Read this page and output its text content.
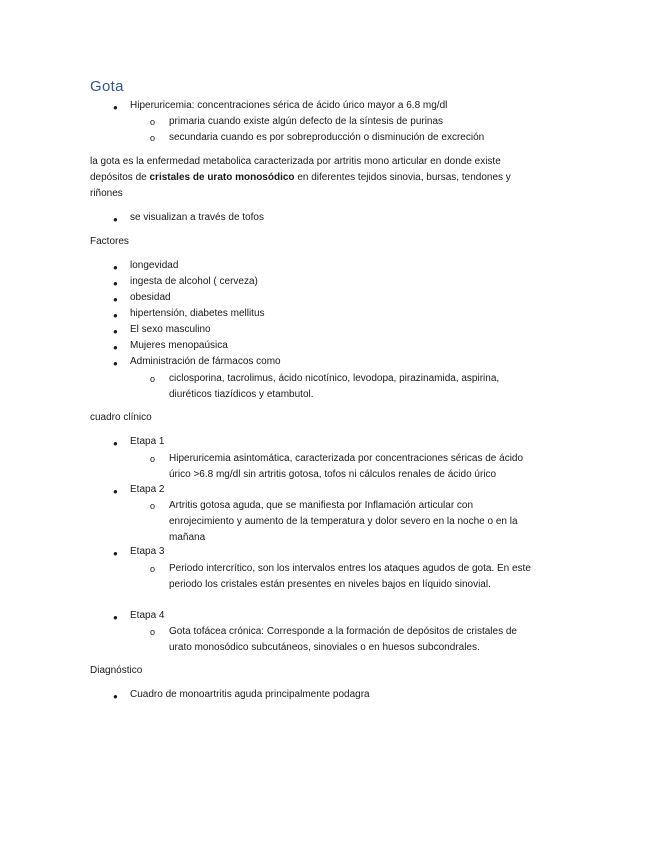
Gota
● Hiperuricemia: concentraciones sérica de ácido úrico mayor a 6.8 mg/dl
o primaria cuando existe algún defecto de la síntesis de purinas
o secundaria cuando es por sobreproducción o disminución de excreción
la gota es la enfermedad metabolica caracterizada por artritis mono articular en donde existe
depósitos de cristales de urato monosódico en diferentes tejidos sinovia, bursas, tendones y
riñones
● se visualizan a través de tofos
Factores
● longevidad
● ingesta de alcohol ( cerveza)
● obesidad
● hipertensión, diabetes mellitus
● El sexo masculino
● Mujeres menopaúsica
● Administración de fármacos como
o ciclosporina, tacrolimus, ácido nicotínico, levodopa, pirazinamida, aspirina,
diuréticos tiazídicos y etambutol.
cuadro clínico
● Etapa 1
o Hiperuricemia asintomática, caracterizada por concentraciones séricas de ácido
úrico >6.8 mg/dl sin artritis gotosa, tofos ni cálculos renales de ácido úrico
● Etapa 2
o Artritis gotosa aguda, que se manifiesta por Inflamación articular con
enrojecimiento y aumento de la temperatura y dolor severo en la noche o en la
mañana
● Etapa 3
o Periodo intercrítico, son los intervalos entres los ataques agudos de gota. En este
periodo los cristales están presentes en niveles bajos en líquido sinovial.
● Etapa 4
o Gota tofácea crónica: Corresponde a la formación de depósitos de cristales de
urato monosódico subcutáneos, sinoviales o en huesos subcondrales.
Diagnóstico
● Cuadro de monoartritis aguda principalmente podagra
